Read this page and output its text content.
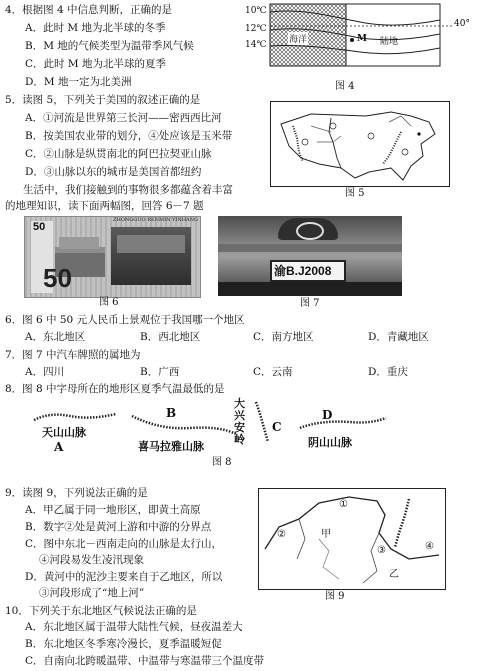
4．根据图 4 中信息判断，正确的是
A．此时 M 地为北半球的冬季
B．M 地的气候类型为温带季风气候
C．此时 M 地为北半球的夏季
D．M 地一定为北美洲
10℃
12℃
14℃
40°
海洋	M 陆地
图 4
5．读图 5，下列关于美国的叙述正确的是
A．①河流是世界第三长河——密西西比河
B．按美国农业带的划分，④处应该是玉米带
C．②山脉是纵贯南北的阿巴拉契亚山脉
D．③山脉以东的城市是美国首都纽约
图 5
生活中，我们接触到的事物很多都蕴含着丰富
的地理知识，读下面两幅图，回答 6－7 题
50
50
ZHONGGUO RENMIN YINHANG
图 6
渝B.J2008
图 7
6．图 6 中 50 元人民币上景观位于我国哪一个地区
A．东北地区	B．西北地区	C．南方地区	D．青藏地区
7．图 7 中汽车牌照的属地为
A．四川	B．广西	C．云南	D．重庆
8．图 8 中字母所在的地形区夏季气温最低的是
天山山脉
A
B
喜马拉雅山脉
大兴安岭
C
D
阴山山脉
图 8
9．读图 9，下列说法正确的是
A．甲乙属于同一地形区，即黄土高原
B．数字②处是黄河上游和中游的分界点
C．图中东北－西南走向的山脉是太行山，
④河段易发生凌汛现象
D．黄河中的泥沙主要来自于乙地区，所以
③河段形成了“地上河”
①
②
③	④
甲
乙
图 9
10．下列关于东北地区气候说法正确的是
A．东北地区属于温带大陆性气候，昼夜温差大
B．东北地区冬季寒冷漫长，夏季温暖短促
C．自南向北跨暖温带、中温带与寒温带三个温度带
